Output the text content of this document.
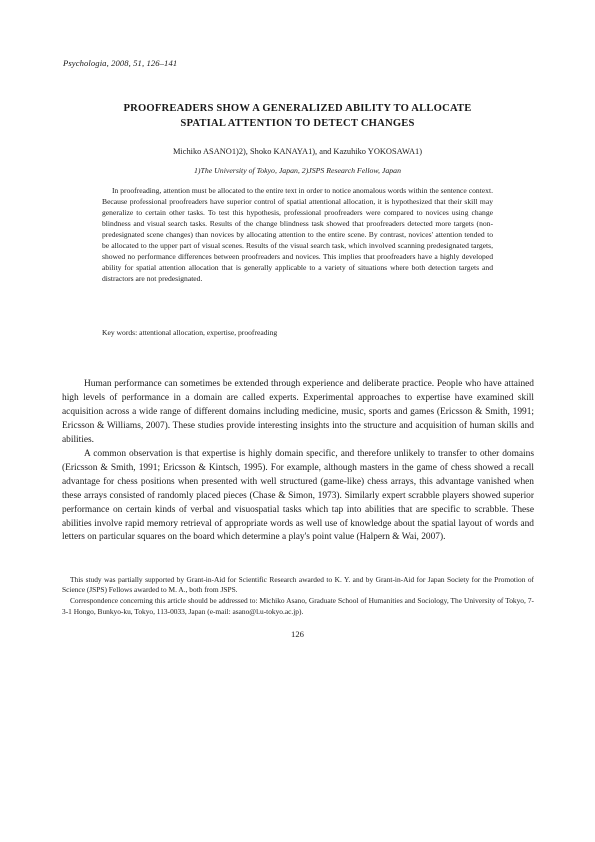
Psychologia, 2008, 51, 126–141
PROOFREADERS SHOW A GENERALIZED ABILITY TO ALLOCATE
SPATIAL ATTENTION TO DETECT CHANGES
Michiko ASANO1)2), Shoko KANAYA1), and Kazuhiko YOKOSAWA1)
1)The University of Tokyo, Japan, 2)JSPS Research Fellow, Japan

In proofreading, attention must be allocated to the entire text in order to notice anomalous words within the sentence context. Because professional proofreaders have superior control of spatial attentional allocation, it is hypothesized that their skill may generalize to certain other tasks. To test this hypothesis, professional proofreaders were compared to novices using change blindness and visual search tasks. Results of the change blindness task showed that proofreaders detected more targets (non-predesignated scene changes) than novices by allocating attention to the entire scene. By contrast, novices' attention tended to be allocated to the upper part of visual scenes. Results of the visual search task, which involved scanning predesignated targets, showed no performance differences between proofreaders and novices. This implies that proofreaders have a highly developed ability for spatial attention allocation that is generally applicable to a variety of situations where both detection targets and distractors are not predesignated.

Key words: attentional allocation, expertise, proofreading

Human performance can sometimes be extended through experience and deliberate practice. People who have attained high levels of performance in a domain are called experts. Experimental approaches to expertise have examined skill acquisition across a wide range of different domains including medicine, music, sports and games (Ericsson & Smith, 1991; Ericsson & Williams, 2007). These studies provide interesting insights into the structure and acquisition of human skills and abilities.

A common observation is that expertise is highly domain specific, and therefore unlikely to transfer to other domains (Ericsson & Smith, 1991; Ericsson & Kintsch, 1995). For example, although masters in the game of chess showed a recall advantage for chess positions when presented with well structured (game-like) chess arrays, this advantage vanished when these arrays consisted of randomly placed pieces (Chase & Simon, 1973). Similarly expert scrabble players showed superior performance on certain kinds of verbal and visuospatial tasks which tap into abilities that are specific to scrabble. These abilities involve rapid memory retrieval of appropriate words as well use of knowledge about the spatial layout of words and letters on particular squares on the board which determine a play's point value (Halpern & Wai, 2007).

This study was partially supported by Grant-in-Aid for Scientific Research awarded to K. Y. and by Grant-in-Aid for Japan Society for the Promotion of Science (JSPS) Fellows awarded to M. A., both from JSPS.

Correspondence concerning this article should be addressed to: Michiko Asano, Graduate School of Humanities and Sociology, The University of Tokyo, 7-3-1 Hongo, Bunkyo-ku, Tokyo, 113-0033, Japan (e-mail: asano@l.u-tokyo.ac.jp).

126
